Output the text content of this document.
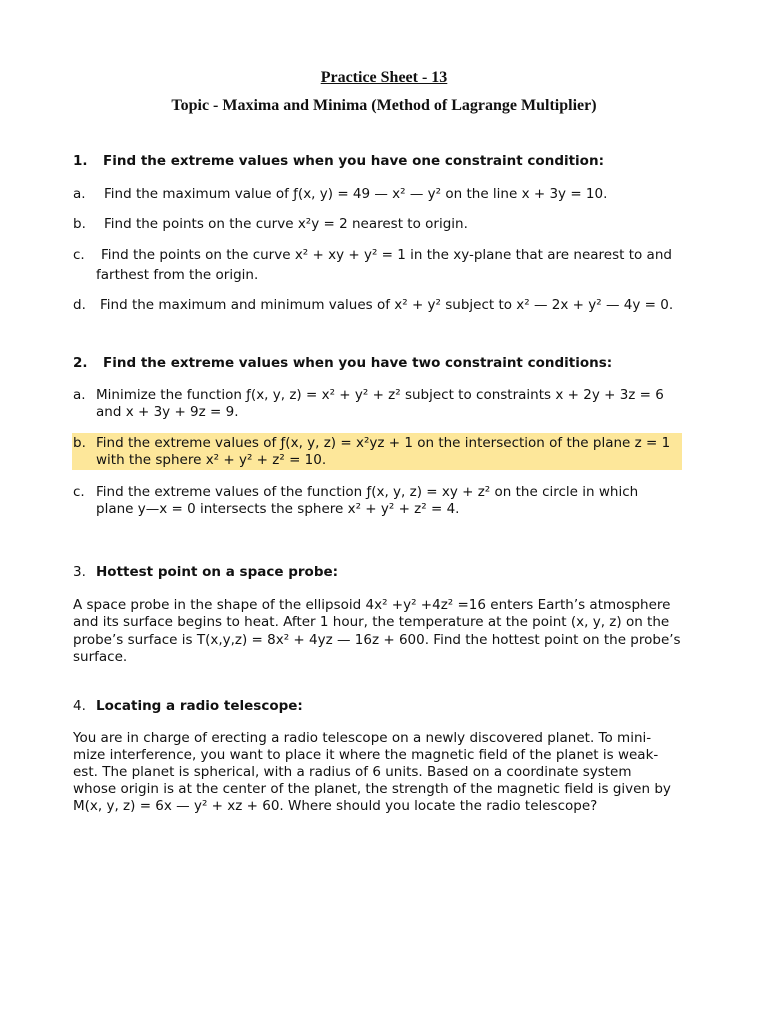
Practice Sheet - 13
Topic - Maxima and Minima (Method of Lagrange Multiplier)
1. Find the extreme values when you have one constraint condition:
a. Find the maximum value of ƒ(x, y) = 49 — x² — y² on the line x + 3y = 10.
b. Find the points on the curve x²y = 2 nearest to origin.
c. Find the points on the curve x² + xy + y² = 1 in the xy-plane that are nearest to and
farthest from the origin.
d. Find the maximum and minimum values of x² + y² subject to x² — 2x + y² — 4y = 0.
2. Find the extreme values when you have two constraint conditions:
a. Minimize the function ƒ(x, y, z) = x² + y² + z² subject to constraints x + 2y + 3z = 6
and x + 3y + 9z = 9.
b. Find the extreme values of ƒ(x, y, z) = x²yz + 1 on the intersection of the plane z = 1
with the sphere x² + y² + z² = 10.
c. Find the extreme values of the function ƒ(x, y, z) = xy + z² on the circle in which
plane y—x = 0 intersects the sphere x² + y² + z² = 4.
3. Hottest point on a space probe:
A space probe in the shape of the ellipsoid 4x² +y² +4z² =16 enters Earth’s atmosphere
and its surface begins to heat. After 1 hour, the temperature at the point (x, y, z) on the
probe’s surface is T(x,y,z) = 8x² + 4yz — 16z + 600. Find the hottest point on the probe’s
surface.
4. Locating a radio telescope:
You are in charge of erecting a radio telescope on a newly discovered planet. To mini-
mize interference, you want to place it where the magnetic field of the planet is weak-
est. The planet is spherical, with a radius of 6 units. Based on a coordinate system
whose origin is at the center of the planet, the strength of the magnetic field is given by
M(x, y, z) = 6x — y² + xz + 60. Where should you locate the radio telescope?
